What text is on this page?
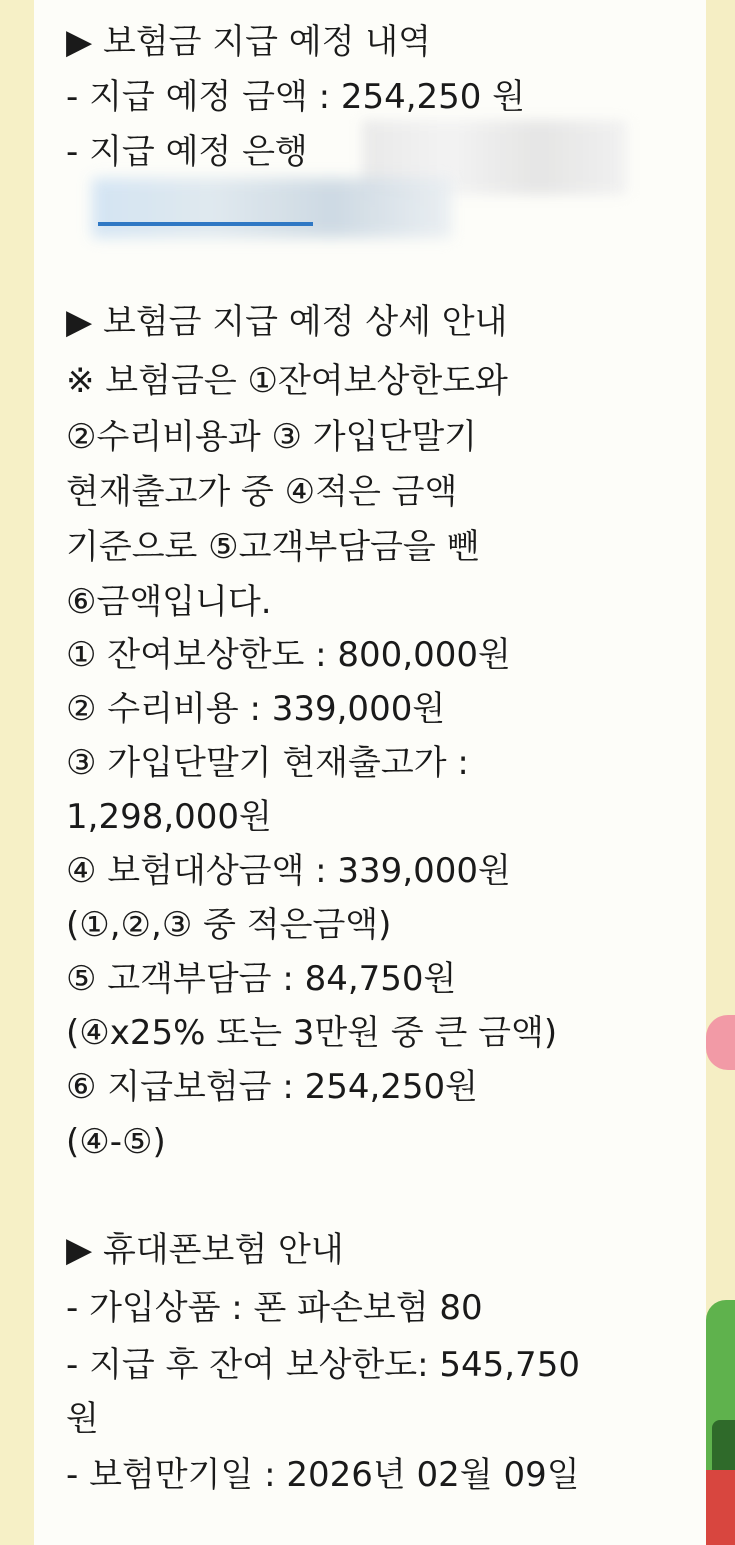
▶ 보험금 지급 예정 내역
- 지급 예정 금액 : 254,250 원
- 지급 예정 은행
▶ 보험금 지급 예정 상세 안내
※ 보험금은 ①잔여보상한도와
②수리비용과 ③ 가입단말기
현재출고가 중 ④적은 금액
기준으로 ⑤고객부담금을 뺀
⑥금액입니다.
① 잔여보상한도 : 800,000원
② 수리비용 : 339,000원
③ 가입단말기 현재출고가 :
1,298,000원
④ 보험대상금액 : 339,000원
(①,②,③ 중 적은금액)
⑤ 고객부담금 : 84,750원
(④x25% 또는 3만원 중 큰 금액)
⑥ 지급보험금 : 254,250원
(④-⑤)
▶ 휴대폰보험 안내
- 가입상품 : 폰 파손보험 80
- 지급 후 잔여 보상한도: 545,750
원
- 보험만기일 : 2026년 02월 09일
